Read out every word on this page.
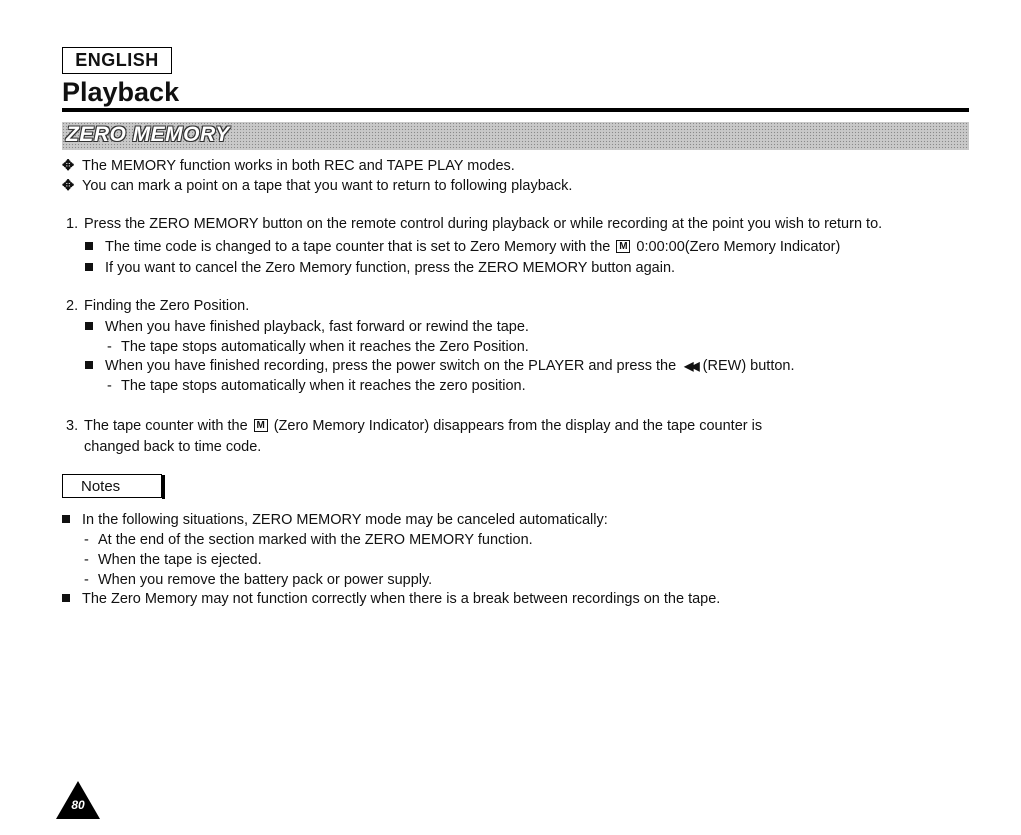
ENGLISH
Playback
ZERO MEMORY
✥ The MEMORY function works in both REC and TAPE PLAY modes.
✥ You can mark a point on a tape that you want to return to following playback.
1. Press the ZERO MEMORY button on the remote control during playback or while recording at the point you wish to return to.
The time code is changed to a tape counter that is set to Zero Memory with the M 0:00:00(Zero Memory Indicator)
If you want to cancel the Zero Memory function, press the ZERO MEMORY button again.
2. Finding the Zero Position.
When you have finished playback, fast forward or rewind the tape.
- The tape stops automatically when it reaches the Zero Position.
When you have finished recording, press the power switch on the PLAYER and press the ◀◀ (REW) button.
- The tape stops automatically when it reaches the zero position.
3. The tape counter with the M (Zero Memory Indicator) disappears from the display and the tape counter is
changed back to time code.
Notes
In the following situations, ZERO MEMORY mode may be canceled automatically:
- At the end of the section marked with the ZERO MEMORY function.
- When the tape is ejected.
- When you remove the battery pack or power supply.
The Zero Memory may not function correctly when there is a break between recordings on the tape.
80
